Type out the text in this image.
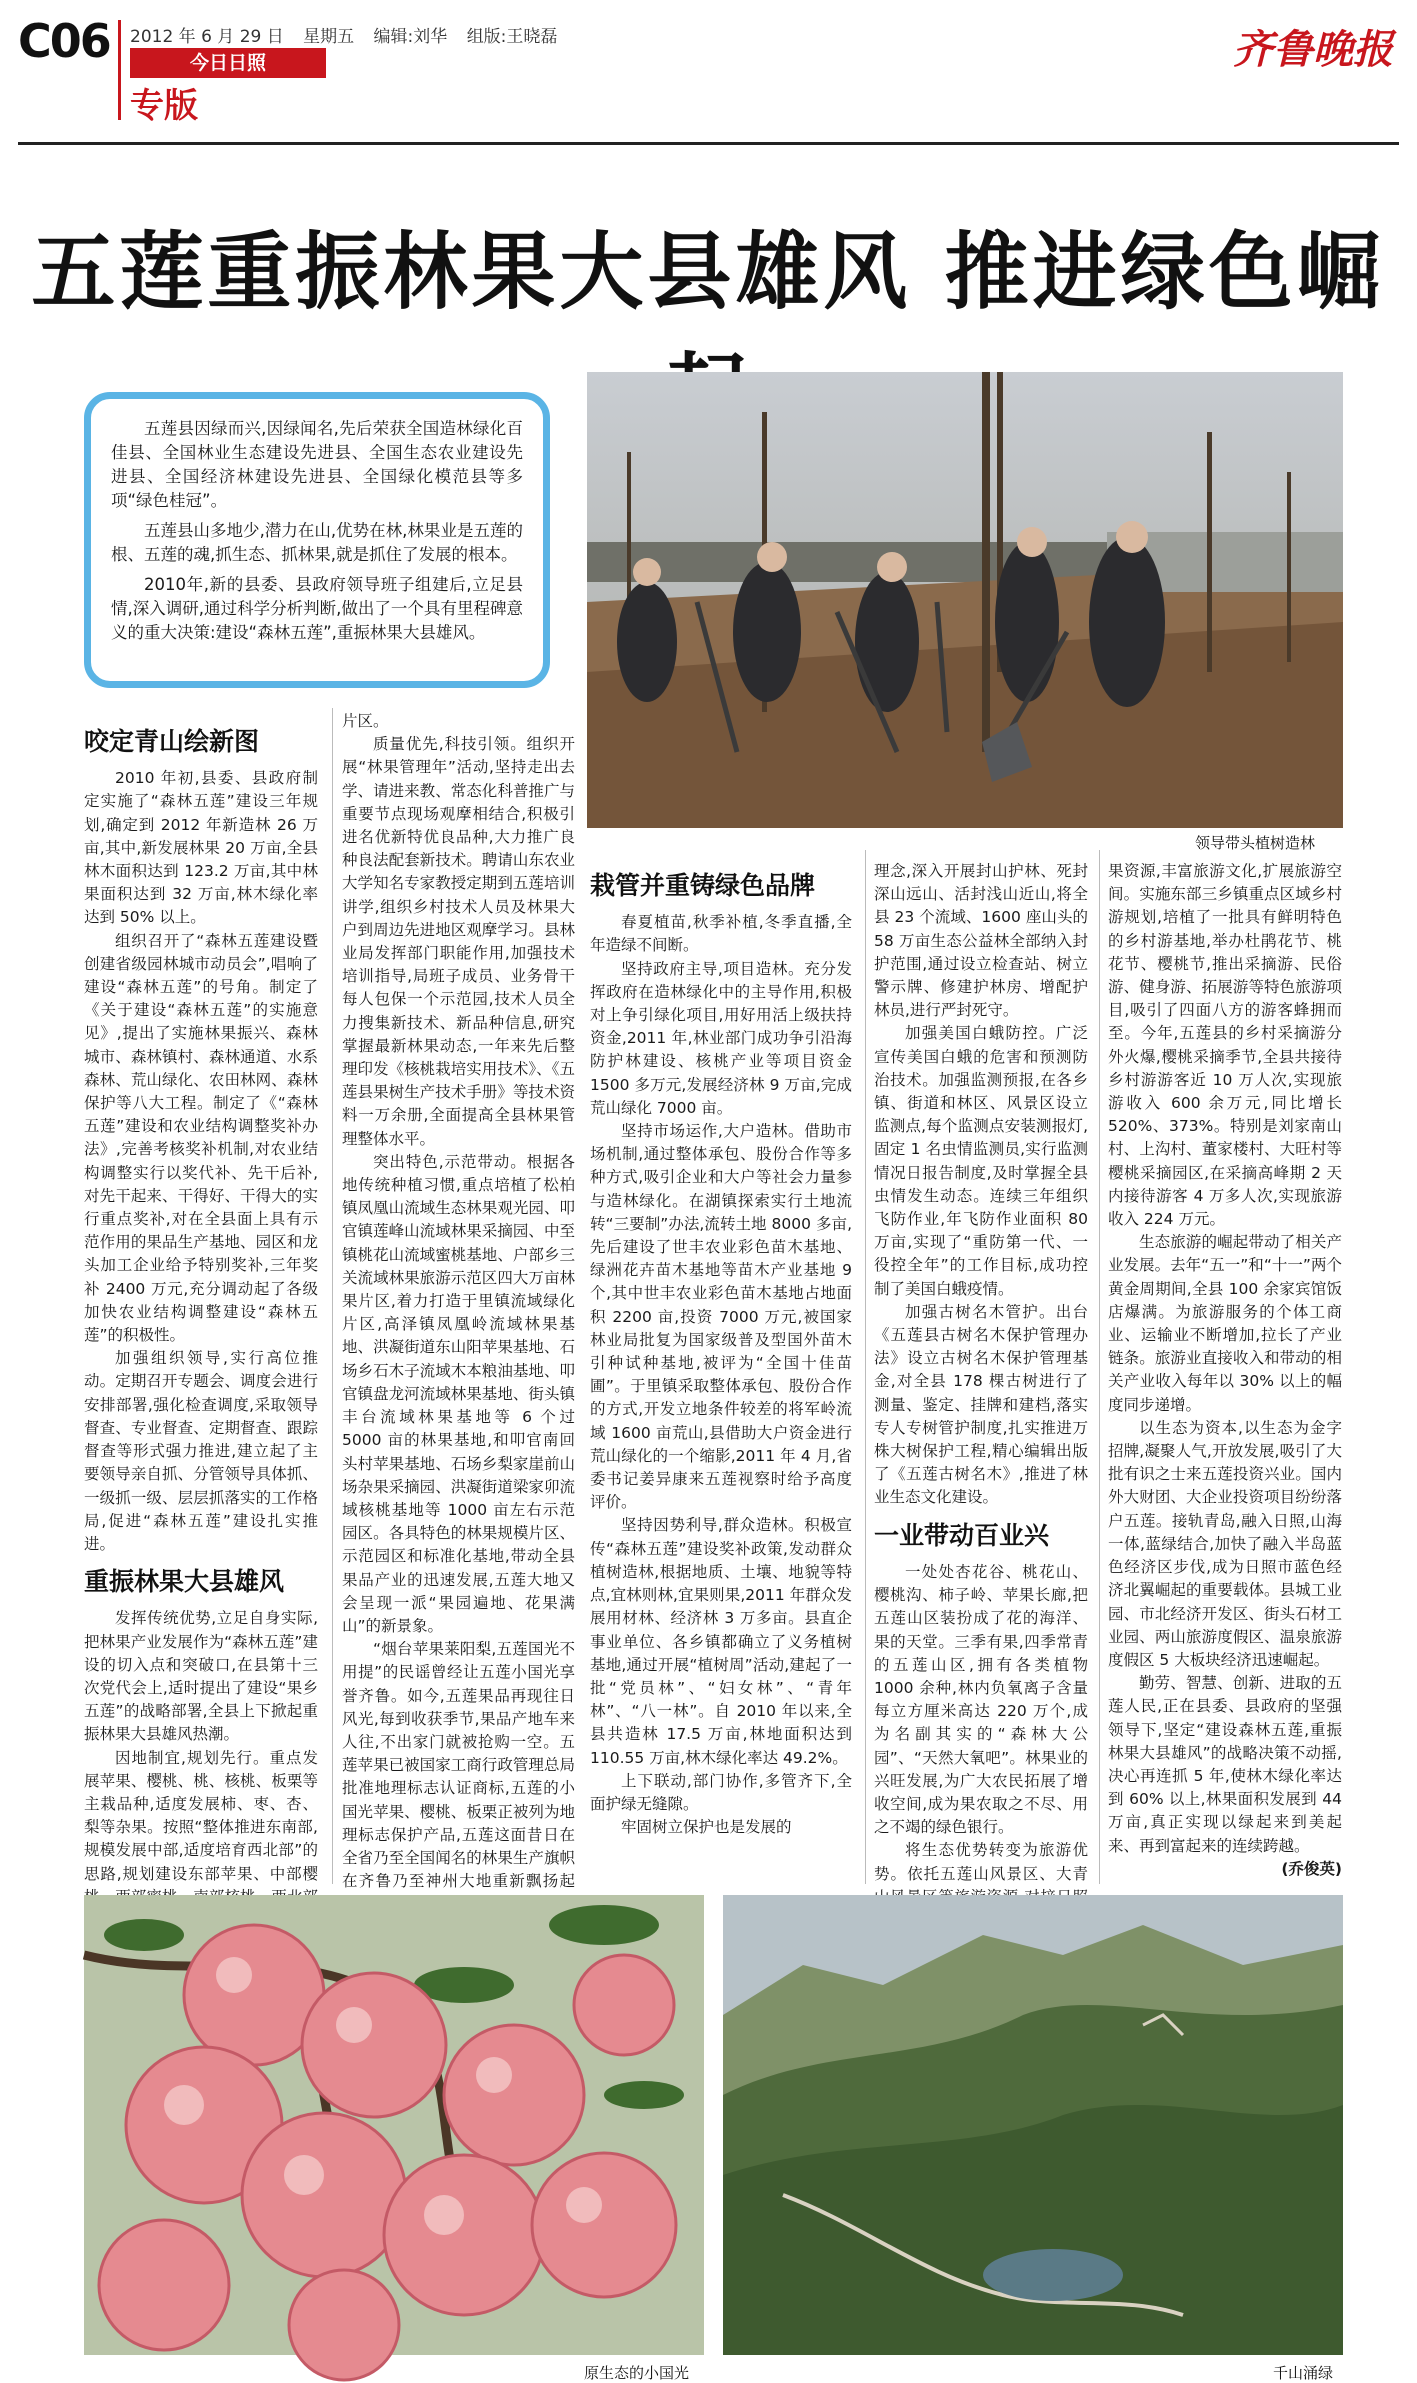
C06 2012 年 6 月 29 日 星期五 编辑:刘华 组版:王晓磊
今日日照
专版
齐鲁晚报
五莲重振林果大县雄风 推进绿色崛

五莲县因绿而兴,因绿闻名,先后荣获全国造林绿化百佳县、全国林业生态建设先进县、全国生态农业建设先进县、全国经济林建设先进县、全国绿化模范县等多项“绿色桂冠”。

五莲县山多地少,潜力在山,优势在林,林果业是五莲的根、五莲的魂,抓生态、抓林果,就是抓住了发展的根本。

2010年,新的县委、县政府领导班子组建后,立足县情,深入调研,通过科学分析判断,做出了一个具有里程碑意义的重大决策:建设“森林五莲”,重振林果大县雄风。

领导带头植树造林
咬定青山绘新图

2010 年初,县委、县政府制定实施了“森林五莲”建设三年规划,确定到 2012 年新造林 26 万亩,其中,新发展林果 20 万亩,全县林木面积达到 123.2 万亩,其中林果面积达到 32 万亩,林木绿化率达到 50% 以上。

组织召开了“森林五莲建设暨创建省级园林城市动员会”,唱响了建设“森林五莲”的号角。制定了《关于建设“森林五莲”的实施意见》,提出了实施林果振兴、森林城市、森林镇村、森林通道、水系森林、荒山绿化、农田林网、森林保护等八大工程。制定了《“森林五莲”建设和农业结构调整奖补办法》,完善考核奖补机制,对农业结构调整实行以奖代补、先干后补,对先干起来、干得好、干得大的实行重点奖补,对在全县面上具有示范作用的果品生产基地、园区和龙头加工企业给予特别奖补,三年奖补 2400 万元,充分调动起了各级加快农业结构调整建设“森林五莲”的积极性。

加强组织领导,实行高位推动。定期召开专题会、调度会进行安排部署,强化检查调度,采取领导督查、专业督查、定期督查、跟踪督查等形式强力推进,建立起了主要领导亲自抓、分管领导具体抓、一级抓一级、层层抓落实的工作格局,促进“森林五莲”建设扎实推进。

重振林果大县雄风

发挥传统优势,立足自身实际,把林果产业发展作为“森林五莲”建设的切入点和突破口,在县第十三次党代会上,适时提出了建设“果乡五莲”的战略部署,全县上下掀起重振林果大县雄风热潮。

因地制宜,规划先行。重点发展苹果、樱桃、桃、核桃、板栗等主栽品种,适度发展柿、枣、杏、梨等杂果。按照“整体推进东南部,规模发展中部,适度培育西北部”的思路,规划建设东部苹果、中部樱

片区。

质量优先,科技引领。组织开展“林果管理年”活动,坚持走出去学、请进来教、常态化科普推广与重要节点现场观摩相结合,积极引进名优新特优良品种,大力推广良种良法配套新技术。聘请山东农业大学知名专家教授定期到五莲培训讲学,组织乡村技术人员及林果大户到周边先进地区观摩学习。县林业局发挥部门职能作用,加强技术培训指导,局班子成员、业务骨干每人包保一个示范园,技术人员全力搜集新技术、新品种信息,研究掌握最新林果动态,一年来先后整理印发《核桃栽培实用技术》、《五莲县果树生产技术手册》等技术资料一万余册,全面提高全县林果管理整体水平。

突出特色,示范带动。根据各地传统种植习惯,重点培植了松柏镇凤凰山流域生态林果观光园、叩官镇莲峰山流域林果采摘园、中至镇桃花山流域蜜桃基地、户部乡三关流域林果旅游示范区四大万亩林果片区,着力打造于里镇流域绿化片区,高泽镇凤凰岭流域林果基地、洪凝街道东山阳苹果基地、石场乡石木子流域木本粮油基地、叩官镇盘龙河流域林果基地、街头镇丰台流域林果基地等 6 个过 5000 亩的林果基地,和叩官南回头村苹果基地、石场乡梨家崖前山场杂果采摘园、洪凝街道梁家卯流域核桃基地等 1000 亩左右示范园区。各具特色的林果规模片区、示范园区和标准化基地,带动全县果品产业的迅速发展,五莲大地又会呈现一派“果园遍地、花果满山”的新景象。

“烟台苹果莱阳梨,五莲国光不用提”的民谣曾经让五莲小国光享誉齐鲁。如今,五莲果品再现往日风光,每到收获季节,果品产地车来人往,不出家门就被抢购一空。五莲苹果已被国家工商行政管理总局批准地理标志认证商标,五莲的小国光苹果、樱桃、板栗正被列为地理标志保护产品,五莲这面昔日在全省乃至全国闻名的林果生产旗帜在齐鲁乃至神州大地重新飘扬起

栽管并重铸绿色品牌

春夏植苗,秋季补植,冬季直播,全年造绿不间断。

坚持政府主导,项目造林。充分发挥政府在造林绿化中的主导作用,积极对上争引绿化项目,用好用活上级扶持资金,2011 年,林业部门成功争引沿海防护林建设、核桃产业等项目资金 1500 多万元,发展经济林 9 万亩,完成荒山绿化 7000 亩。

坚持市场运作,大户造林。借助市场机制,通过整体承包、股份合作等多种方式,吸引企业和大户等社会力量参与造林绿化。在湖镇探索实行土地流转“三要制”办法,流转土地 8000 多亩,先后建设了世丰农业彩色苗木基地、绿洲花卉苗木基地等苗木产业基地 9 个,其中世丰农业彩色苗木基地占地面积 2200 亩,投资 7000 万元,被国家林业局批复为国家级普及型国外苗木引种试种基地,被评为“全国十佳苗圃”。于里镇采取整体承包、股份合作的方式,开发立地条件较差的将军岭流域 1600 亩荒山,县借助大户资金进行荒山绿化的一个缩影,2011 年 4 月,省委书记姜异康来五莲视察时给予高度评价。

坚持因势利导,群众造林。积极宣传“森林五莲”建设奖补政策,发动群众植树造林,根据地质、土壤、地貌等特点,宜林则林,宜果则果,2011 年群众发展用材林、经济林 3 万多亩。县直企事业单位、各乡镇都确立了义务植树基地,通过开展“植树周”活动,建起了一批“党员林”、“妇女林”、“青年林”、“八一林”。自 2010 年以来,全县共造林 17.5 万亩,林地面积达到 110.55 万亩,林木绿化率达 49.2%。

上下联动,部门协作,多管齐下,全面护绿无缝隙。

牢固树立保护也是发展的

理念,深入开展封山护林、死封深山远山、活封浅山近山,将全县 23 个流域、1600 座山头的 58 万亩生态公益林全部纳入封护范围,通过设立检查站、树立警示牌、修建护林房、增配护林员,进行严封死守。

加强美国白蛾防控。广泛宣传美国白蛾的危害和预测防治技术。加强监测预报,在各乡镇、街道和林区、风景区设立监测点,每个监测点安装测报灯,固定 1 名虫情监测员,实行监测情况日报告制度,及时掌握全县虫情发生动态。连续三年组织飞防作业,年飞防作业面积 80 万亩,实现了“重防第一代、一役控全年”的工作目标,成功控制了美国白蛾疫情。

加强古树名木管护。出台《五莲县古树名木保护管理办法》设立古树名木保护管理基金,对全县 178 棵古树进行了测量、鉴定、挂牌和建档,落实专人专树管护制度,扎实推进万株大树保护工程,精心编辑出版了《五莲古树名木》,推进了林业生态文化建设。

一业带动百业兴

一处处杏花谷、桃花山、樱桃沟、柿子岭、苹果长廊,把五莲山区装扮成了花的海洋、果的天堂。三季有果,四季常青的五莲山区,拥有各类植物 1000 余种,林内负氧离子含量每立方厘米高达 220 万个,成为名副其实的“森林大公园”、“天然大氧吧”。林果业的兴旺发展,为广大农民拓展了增收空间,成为果农取之不尽、用之不竭的绿色银行。

将生态优势转变为旅游优势。依托五莲山风景区、大青

果资源,丰富旅游文化,扩展旅游空间。实施东部三乡镇重点区域乡村游规划,培植了一批具有鲜明特色的乡村游基地,举办杜鹃花节、桃花节、樱桃节,推出采摘游、民俗游、健身游、拓展游等特色旅游项目,吸引了四面八方的游客蜂拥而至。今年,五莲县的乡村采摘游分外火爆,樱桃采摘季节,全县共接待乡村游游客近 10 万人次,实现旅游收入 600 余万元,同比增长 520%、373%。特别是刘家南山村、上沟村、董家楼村、大旺村等樱桃采摘园区,在采摘高峰期 2 天内接待游客 4 万多人次,实现旅游收入 224 万元。

生态旅游的崛起带动了相关产业发展。去年“五一”和“十一”两个黄金周期间,全县 100 余家宾馆饭店爆满。为旅游服务的个体工商业、运输业不断增加,拉长了产业链条。旅游业直接收入和带动的相关产业收入每年以 30% 以上的幅度同步递增。

以生态为资本,以生态为金字招牌,凝聚人气,开放发展,吸引了大批有识之士来五莲投资兴业。国内外大财团、大企业投资项目纷纷落户五莲。接轨青岛,融入日照,山海一体,蓝绿结合,加快了融入半岛蓝色经济区步伐,成为日照市蓝色经济北翼崛起的重要载体。县城工业园、市北经济开发区、街头石材工业园、两山旅游度假区、温泉旅游度假区 5 大板块经济迅速崛起。

勤劳、智慧、创新、进取的五莲人民,正在县委、县政府的坚强领导下,坚定“建设森林五莲,重振林果大县雄风”的战略决策不动摇,决心再连抓 5 年,使林木绿化率达到 60% 以上,林果面积发展到 44 万亩,真正实现以绿起来到美起来、再到富起来的连续跨越。

(乔俊英)

原生态的小国光	千山涌绿
